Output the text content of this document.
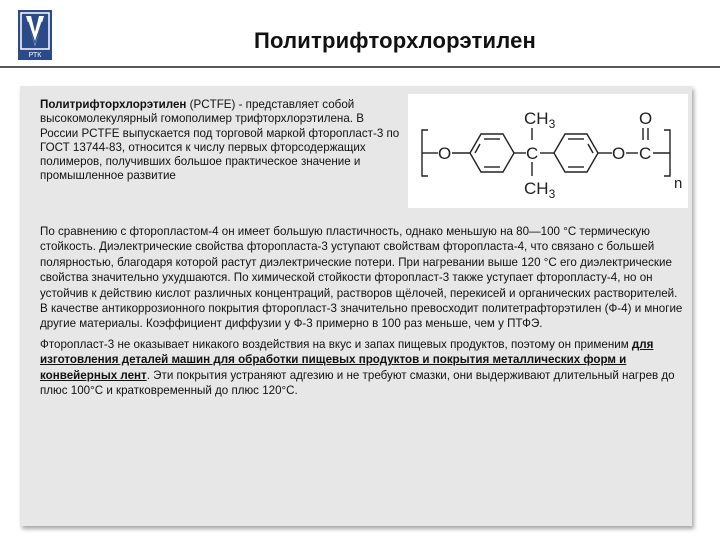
РТК
Политрифторхлорэтилен
Политрифторхлорэтилен (PCTFE) - представляет собой высокомолекулярный гомополимер трифторхлорэтилена. В России PCTFE выпускается под торговой маркой фторопласт-3 по ГОСТ 13744-83, относится к числу первых фторсодержащих полимеров, получивших большое практическое значение и промышленное развитие
O	C
$CH_3$
$CH_3$
O C
O
n

По сравнению с фторопластом-4 он имеет большую пластичность, однако меньшую на 80—100 °С термическую стойкость. Диэлектрические свойства фторопласта-3 уступают свойствам фторопласта-4, что связано с большей полярностью, благодаря которой растут диэлектрические потери. При нагревании выше 120 °С его диэлектрические свойства значительно ухудшаются. По химической стойкости фторопласт-3 также уступает фторопласту-4, но он устойчив к действию кислот различных концентраций, растворов щёлочей, перекисей и органических растворителей.

В качестве антикоррозионного покрытия фторопласт-3 значительно превосходит политетрафторэтилен (Ф-4) и многие другие материалы. Коэффициент диффузии у Ф-3 примерно в 100 раз меньше, чем у ПТФЭ.

Фторопласт-3 не оказывает никакого воздействия на вкус и запах пищевых продуктов, поэтому он применим для изготовления деталей машин для обработки пищевых продуктов и покрытия металлических форм и конвейерных лент. Эти покрытия устраняют адгезию и не требуют смазки, они выдерживают длительный нагрев до плюс 100°С и кратковременный до плюс 120°С.
